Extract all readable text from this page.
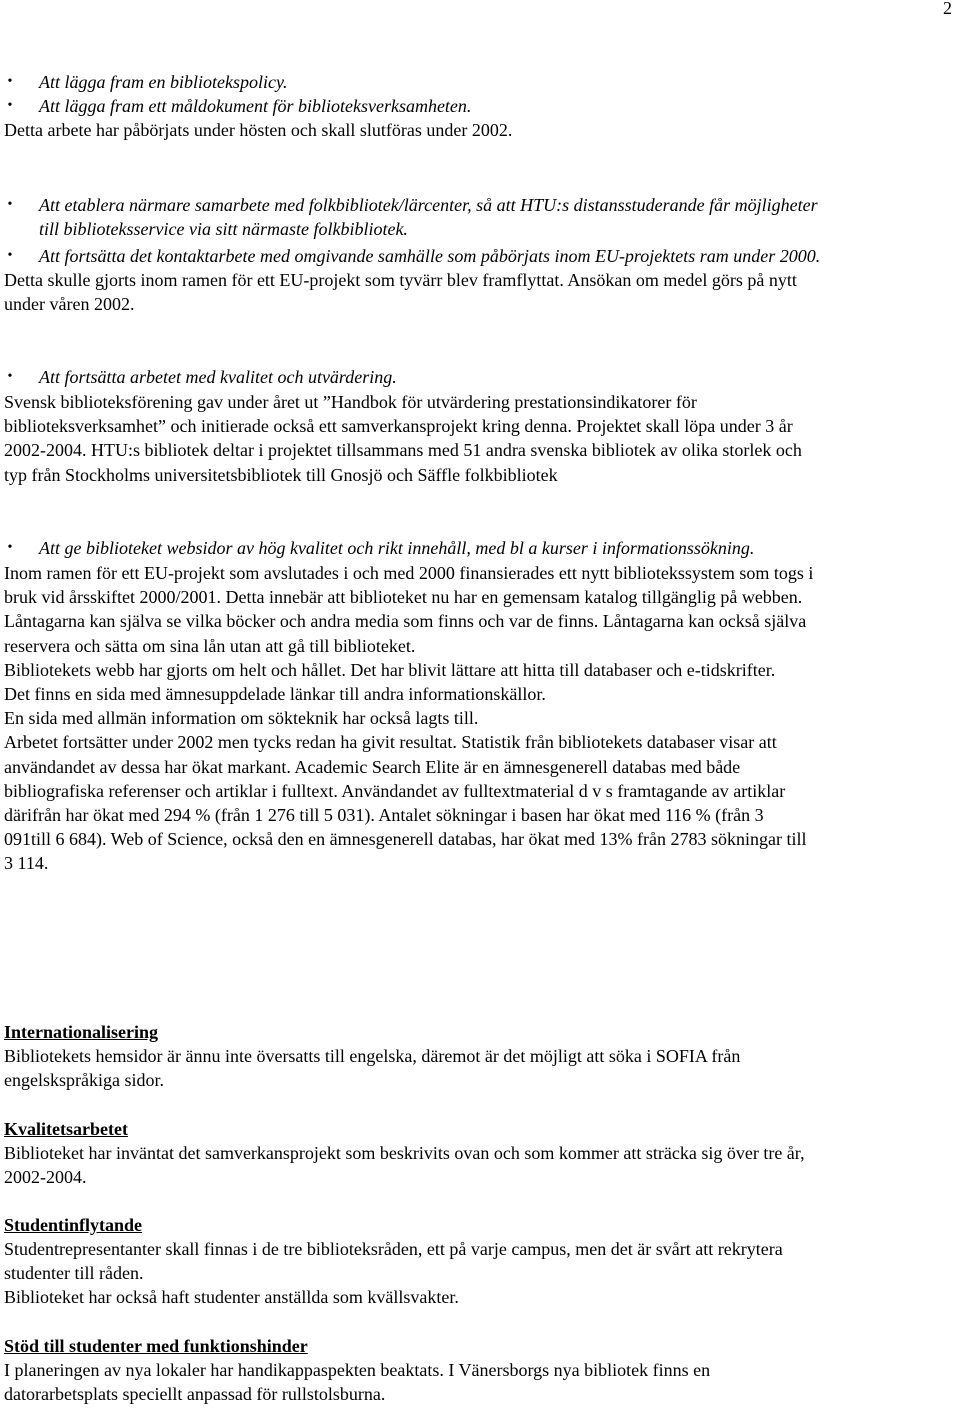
2
•	Att lägga fram en bibliotekspolicy.
•	Att lägga fram ett måldokument för biblioteksverksamheten.

Detta arbete har påbörjats under hösten och skall slutföras under 2002.

• Att etablera närmare samarbete med folkbibliotek/lärcenter, så att HTU:s distansstuderande får möjligheter
till biblioteksservice via sitt närmaste folkbibliotek.
•	Att fortsätta det kontaktarbete med omgivande samhälle som påbörjats inom EU-projektets ram under 2000.
Detta skulle gjorts inom ramen för ett EU-projekt som tyvärr blev framflyttat. Ansökan om medel görs på nytt
under våren 2002.
•	Att fortsätta arbetet med kvalitet och utvärdering.
Svensk biblioteksförening gav under året ut ”Handbok för utvärdering prestationsindikatorer för
biblioteksverksamhet” och initierade också ett samverkansprojekt kring denna. Projektet skall löpa under 3 år
2002-2004. HTU:s bibliotek deltar i projektet tillsammans med 51 andra svenska bibliotek av olika storlek och
typ från Stockholms universitetsbibliotek till Gnosjö och Säffle folkbibliotek
•	Att ge biblioteket websidor av hög kvalitet och rikt innehåll, med bl a kurser i informationssökning.
Inom ramen för ett EU-projekt som avslutades i och med 2000 finansierades ett nytt bibliotekssystem som togs i
bruk vid årsskiftet 2000/2001. Detta innebär att biblioteket nu har en gemensam katalog tillgänglig på webben.
Låntagarna kan själva se vilka böcker och andra media som finns och var de finns. Låntagarna kan också själva
reservera och sätta om sina lån utan att gå till biblioteket.
Bibliotekets webb har gjorts om helt och hållet. Det har blivit lättare att hitta till databaser och e-tidskrifter.
Det finns en sida med ämnesuppdelade länkar till andra informationskällor.
En sida med allmän information om sökteknik har också lagts till.
Arbetet fortsätter under 2002 men tycks redan ha givit resultat. Statistik från bibliotekets databaser visar att
användandet av dessa har ökat markant. Academic Search Elite är en ämnesgenerell databas med både
bibliografiska referenser och artiklar i fulltext. Användandet av fulltextmaterial d v s framtagande av artiklar
därifrån har ökat med 294 % (från 1 276 till 5 031). Antalet sökningar i basen har ökat med 116 % (från 3
091till 6 684). Web of Science, också den en ämnesgenerell databas, har ökat med 13% från 2783 sökningar till
3 114.
Internationalisering
Bibliotekets hemsidor är ännu inte översatts till engelska, däremot är det möjligt att söka i SOFIA från
engelskspråkiga sidor.
Kvalitetsarbetet
Biblioteket har inväntat det samverkansprojekt som beskrivits ovan och som kommer att sträcka sig över tre år,
2002-2004.
Studentinflytande
Studentrepresentanter skall finnas i de tre biblioteksråden, ett på varje campus, men det är svårt att rekrytera
studenter till råden.
Biblioteket har också haft studenter anställda som kvällsvakter.
Stöd till studenter med funktionshinder
I planeringen av nya lokaler har handikappaspekten beaktats. I Vänersborgs nya bibliotek finns en
datorarbetsplats speciellt anpassad för rullstolsburna.
